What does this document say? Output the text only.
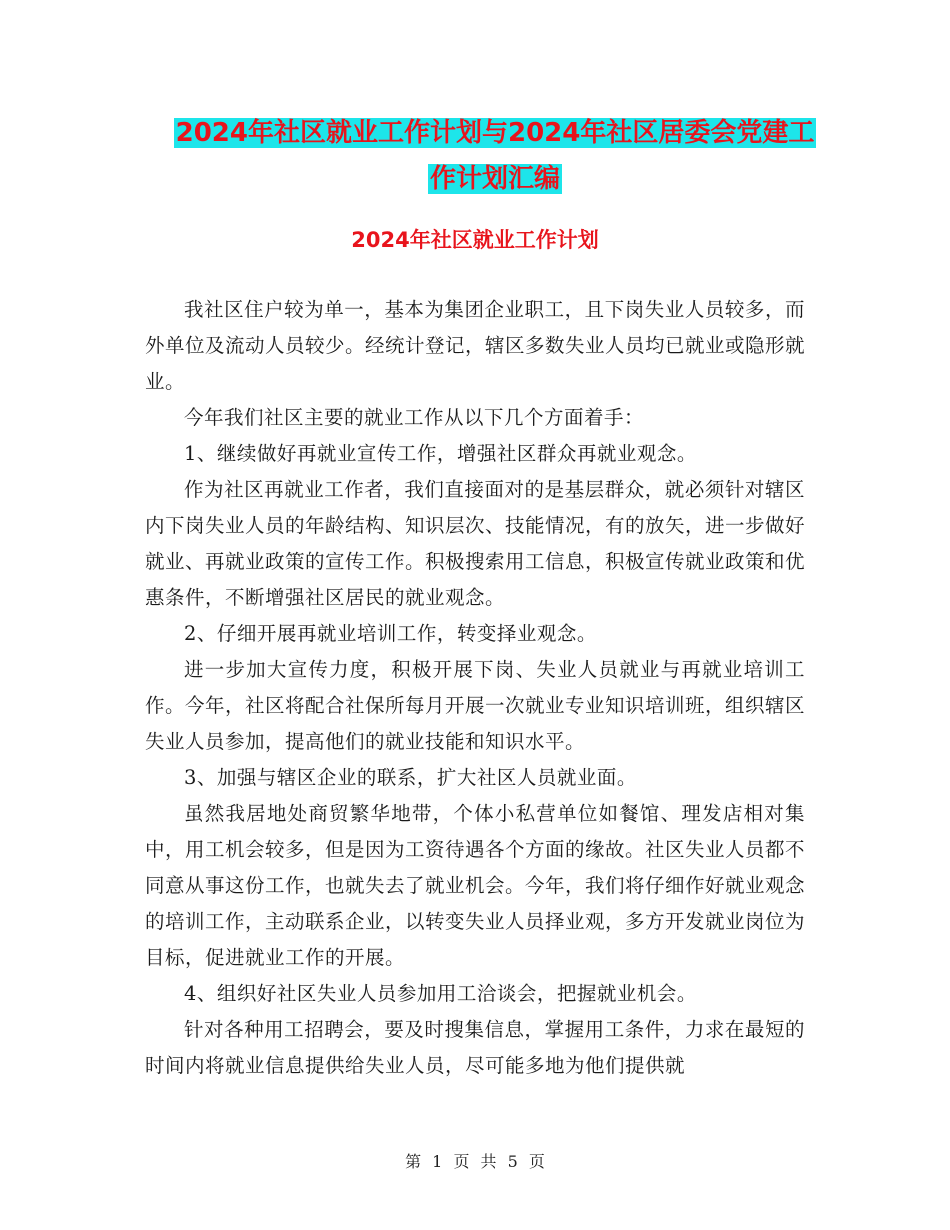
2024年社区就业工作计划与2024年社区居委会党建工
作计划汇编
2024年社区就业工作计划

我社区住户较为单一，基本为集团企业职工，且下岗失业人员较多，而外单位及流动人员较少。经统计登记，辖区多数失业人员均已就业或隐形就业。

今年我们社区主要的就业工作从以下几个方面着手：

1、继续做好再就业宣传工作，增强社区群众再就业观念。

作为社区再就业工作者，我们直接面对的是基层群众，就必须针对辖区内下岗失业人员的年龄结构、知识层次、技能情况，有的放矢，进一步做好就业、再就业政策的宣传工作。积极搜索用工信息，积极宣传就业政策和优惠条件，不断增强社区居民的就业观念。

2、仔细开展再就业培训工作，转变择业观念。

进一步加大宣传力度，积极开展下岗、失业人员就业与再就业培训工作。今年，社区将配合社保所每月开展一次就业专业知识培训班，组织辖区失业人员参加，提高他们的就业技能和知识水平。

3、加强与辖区企业的联系，扩大社区人员就业面。

虽然我居地处商贸繁华地带，个体小私营单位如餐馆、理发店相对集中，用工机会较多，但是因为工资待遇各个方面的缘故。社区失业人员都不同意从事这份工作，也就失去了就业机会。今年，我们将仔细作好就业观念的培训工作，主动联系企业，以转变失业人员择业观，多方开发就业岗位为目标，促进就业工作的开展。

4、组织好社区失业人员参加用工洽谈会，把握就业机会。

针对各种用工招聘会，要及时搜集信息，掌握用工条件，力求在最短的时间内将就业信息提供给失业人员，尽可能多地为他们提供就

第 1 页 共 5 页
